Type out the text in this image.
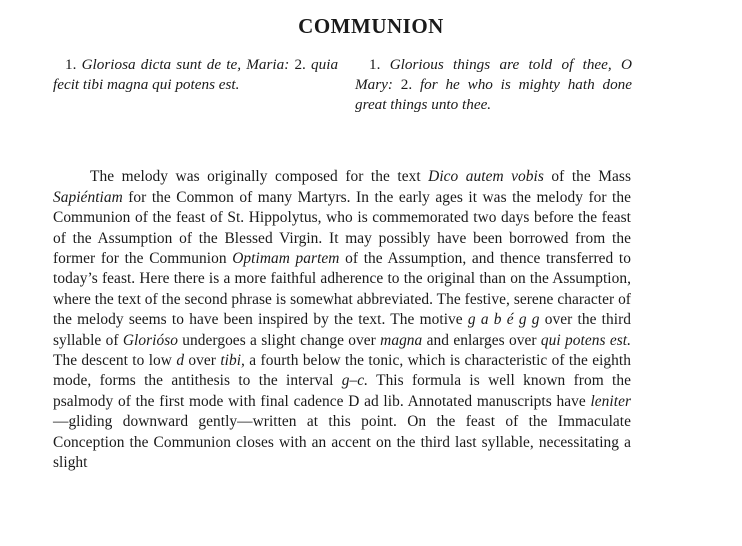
COMMUNION
1. Gloriosa dicta sunt de te, Maria: 2. quia fecit tibi magna qui potens est.
1. Glorious things are told of thee, O Mary: 2. for he who is mighty hath done great things unto thee.

The melody was originally composed for the text Dico autem vobis of the Mass Sapiéntiam for the Common of many Martyrs. In the early ages it was the melody for the Communion of the feast of St. Hippolytus, who is commemorated two days before the feast of the Assumption of the Blessed Virgin. It may possibly have been borrowed from the former for the Communion Optimam partem of the Assumption, and thence transferred to today’s feast. Here there is a more faithful adherence to the original than on the Assumption, where the text of the second phrase is somewhat abbreviated. The festive, serene character of the melody seems to have been inspired by the text. The motive g a b é g g over the third syllable of Glorióso undergoes a slight change over magna and enlarges over qui potens est. The descent to low d over tibi, a fourth below the tonic, which is characteristic of the eighth mode, forms the antithesis to the interval g–c. This formula is well known from the psalmody of the first mode with final cadence D ad lib. Annotated manuscripts have leniter—gliding downward gently—written at this point. On the feast of the Immaculate Conception the Communion closes with an accent on the third last syllable, necessitating a slight
